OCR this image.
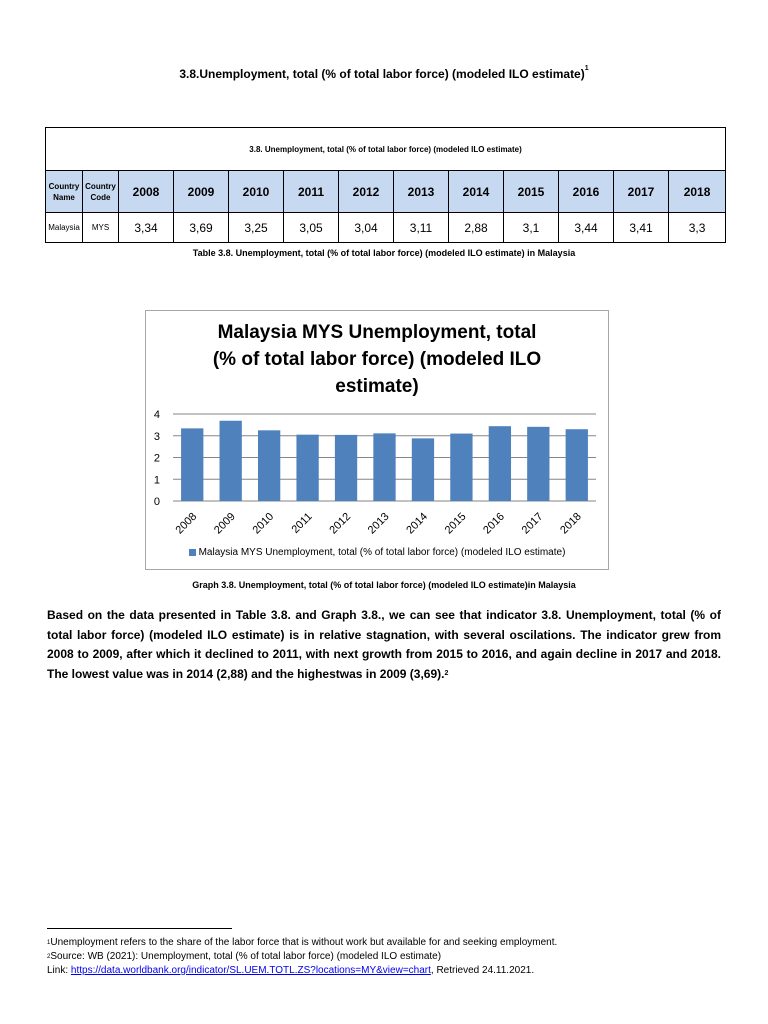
3.8.Unemployment, total (% of total labor force) (modeled ILO estimate)$^1$
3.8. Unemployment, total (% of total labor force) (modeled ILO estimate)												
Country Name	Country Code	2008	2009	2010	2011	2012	2013	2014	2015	2016	2017	2018
Malaysia	MYS	3,34	3,69	3,25	3,05	3,04	3,11	2,88	3,1	3,44	3,41	3,3
Table 3.8. Unemployment, total (% of total labor force) (modeled ILO estimate) in Malaysia
Malaysia MYS Unemployment, total
(% of total labor force) (modeled ILO
estimate)
0
1
2
3
4
2008 2009 2010 2011 2012 2013 2014 2015 2016 2017 2018
Malaysia MYS Unemployment, total (% of total labor force) (modeled ILO estimate)
Graph 3.8. Unemployment, total (% of total labor force) (modeled ILO estimate)in Malaysia
Based on the data presented in Table 3.8. and Graph 3.8., we can see that indicator 3.8. Unemployment, total (% of total labor force) (modeled ILO estimate) is in relative stagnation, with several oscilations. The indicator grew from 2008 to 2009, after which it declined to 2011, with next growth from 2015 to 2016, and again decline in 2017 and 2018. The lowest value was in 2014 (2,88) and the highestwas in 2009 (3,69).$^2$
$^1$Unemployment refers to the share of the labor force that is without work but available for and seeking employment.
$^2$Source: WB (2021): Unemployment, total (% of total labor force) (modeled ILO estimate)
Link: https://data.worldbank.org/indicator/SL.UEM.TOTL.ZS?locations=MY&view=chart, Retrieved 24.11.2021.
